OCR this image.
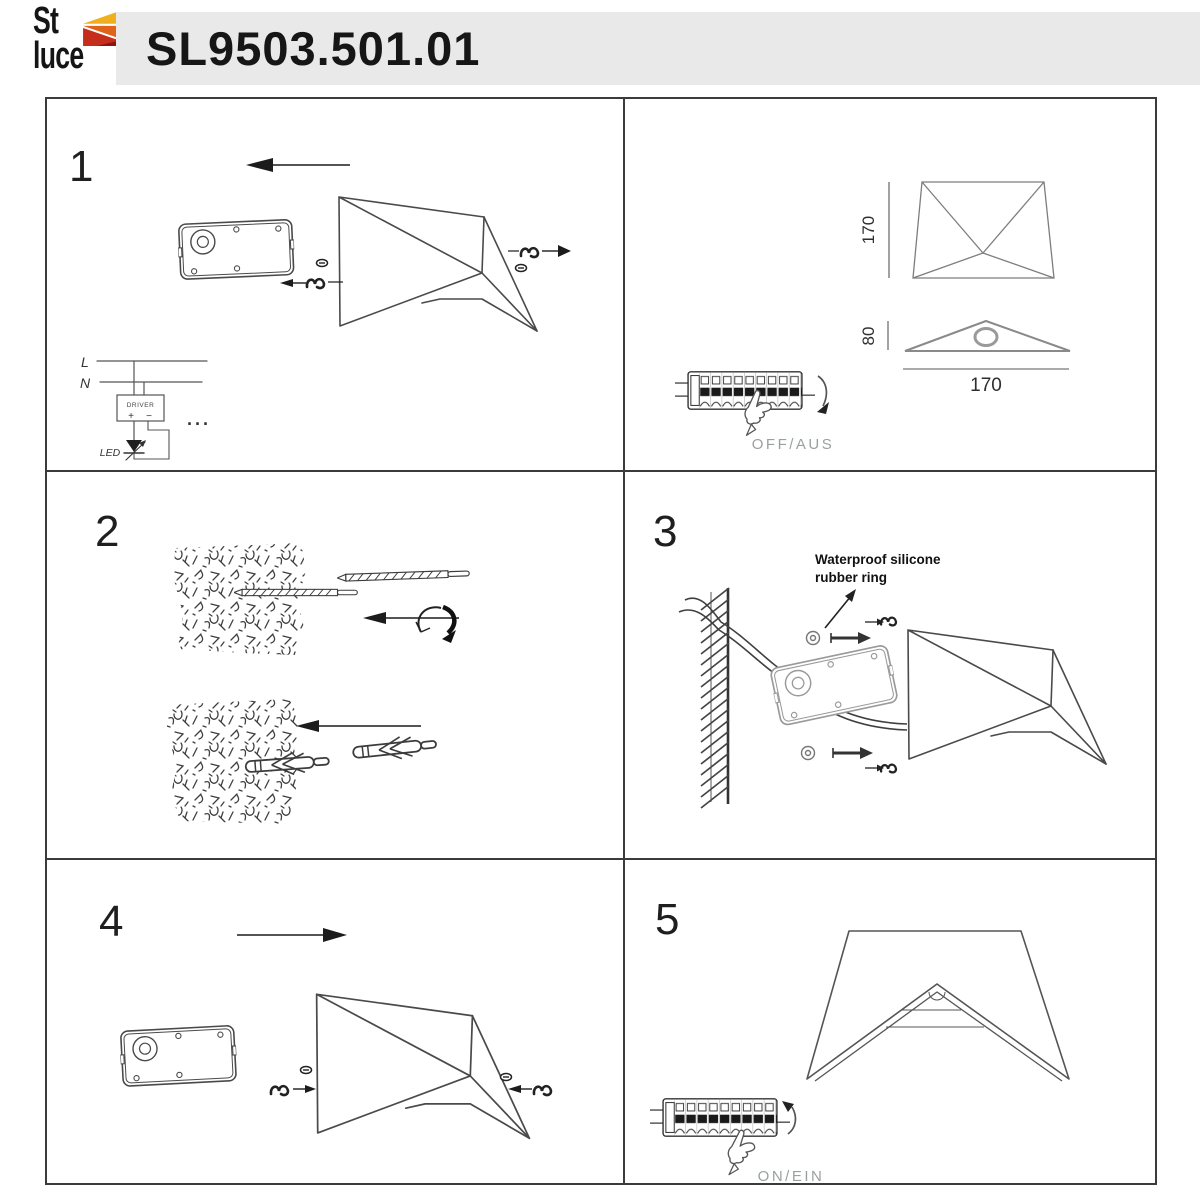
St
luce	SL9503.501.01
1
L
N
DRIVER
+ −
LED
···
170
80
170
OFF/AUS
2	3
Waterproof silicone
rubber ring
4	5
ON/EIN
